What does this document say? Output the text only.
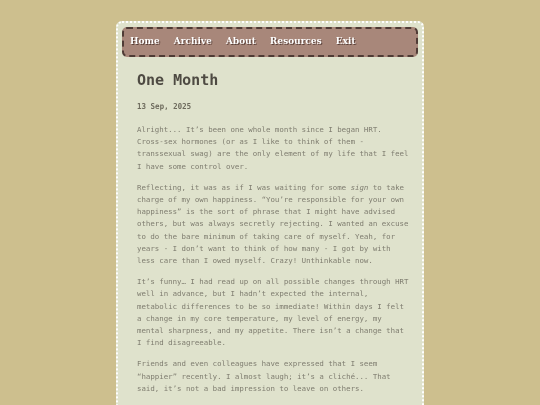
Home Archive About Resources Exit
One Month
13 Sep, 2025

Alright... It’s been one whole month since I began HRT. Cross-sex hormones (or as I like to think of them - transsexual swag) are the only element of my life that I feel I have some control over.

Reflecting, it was as if I was waiting for some sign to take charge of my own happiness. “You’re responsible for your own happiness” is the sort of phrase that I might have advised others, but was always secretly rejecting. I wanted an excuse to do the bare minimum of taking care of myself. Yeah, for years - I don’t want to think of how many - I got by with less care than I owed myself. Crazy! Unthinkable now.

It’s funny… I had read up on all possible changes through HRT well in advance, but I hadn’t expected the internal, metabolic differences to be so immediate! Within days I felt a change in my core temperature, my level of energy, my mental sharpness, and my appetite. There isn’t a change that I find disagreeable.

Friends and even colleagues have expressed that I seem “happier” recently. I almost laugh; it’s a cliché... That said, it’s not a bad impression to leave on others.
